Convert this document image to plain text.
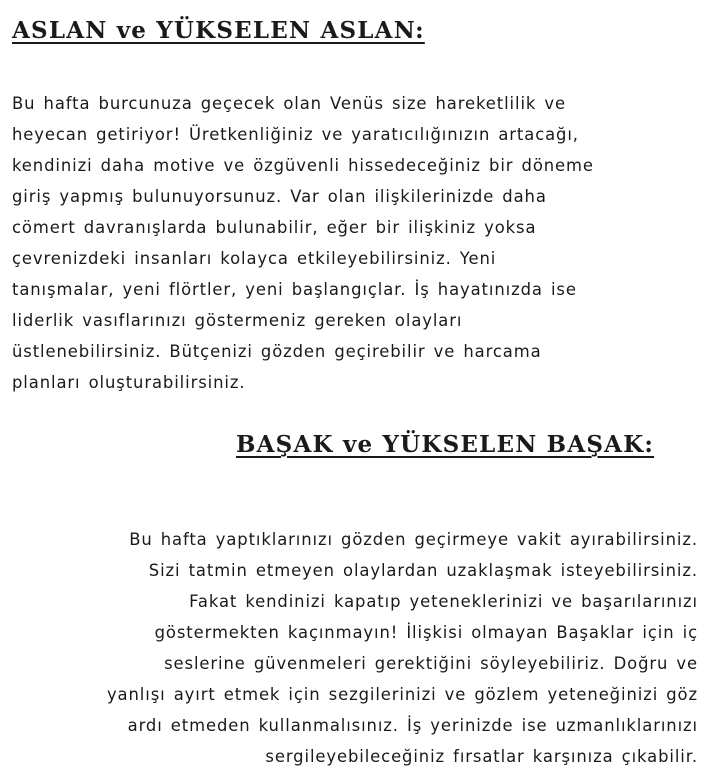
ASLAN ve YÜKSELEN ASLAN:

Bu hafta burcunuza geçecek olan Venüs size hareketlilik ve
heyecan getiriyor! Üretkenliğiniz ve yaratıcılığınızın artacağı,
kendinizi daha motive ve özgüvenli hissedeceğiniz bir döneme
giriş yapmış bulunuyorsunuz. Var olan ilişkilerinizde daha
cömert davranışlarda bulunabilir, eğer bir ilişkiniz yoksa
çevrenizdeki insanları kolayca etkileyebilirsiniz. Yeni
tanışmalar, yeni flörtler, yeni başlangıçlar. İş hayatınızda ise
liderlik vasıflarınızı göstermeniz gereken olayları
üstlenebilirsiniz. Bütçenizi gözden geçirebilir ve harcama
planları oluşturabilirsiniz.

BAŞAK ve YÜKSELEN BAŞAK:

Bu hafta yaptıklarınızı gözden geçirmeye vakit ayırabilirsiniz.
Sizi tatmin etmeyen olaylardan uzaklaşmak isteyebilirsiniz.
Fakat kendinizi kapatıp yeteneklerinizi ve başarılarınızı
göstermekten kaçınmayın! İlişkisi olmayan Başaklar için iç
seslerine güvenmeleri gerektiğini söyleyebiliriz. Doğru ve
yanlışı ayırt etmek için sezgilerinizi ve gözlem yeteneğinizi göz
ardı etmeden kullanmalısınız. İş yerinizde ise uzmanlıklarınızı
sergileyebileceğiniz fırsatlar karşınıza çıkabilir.
